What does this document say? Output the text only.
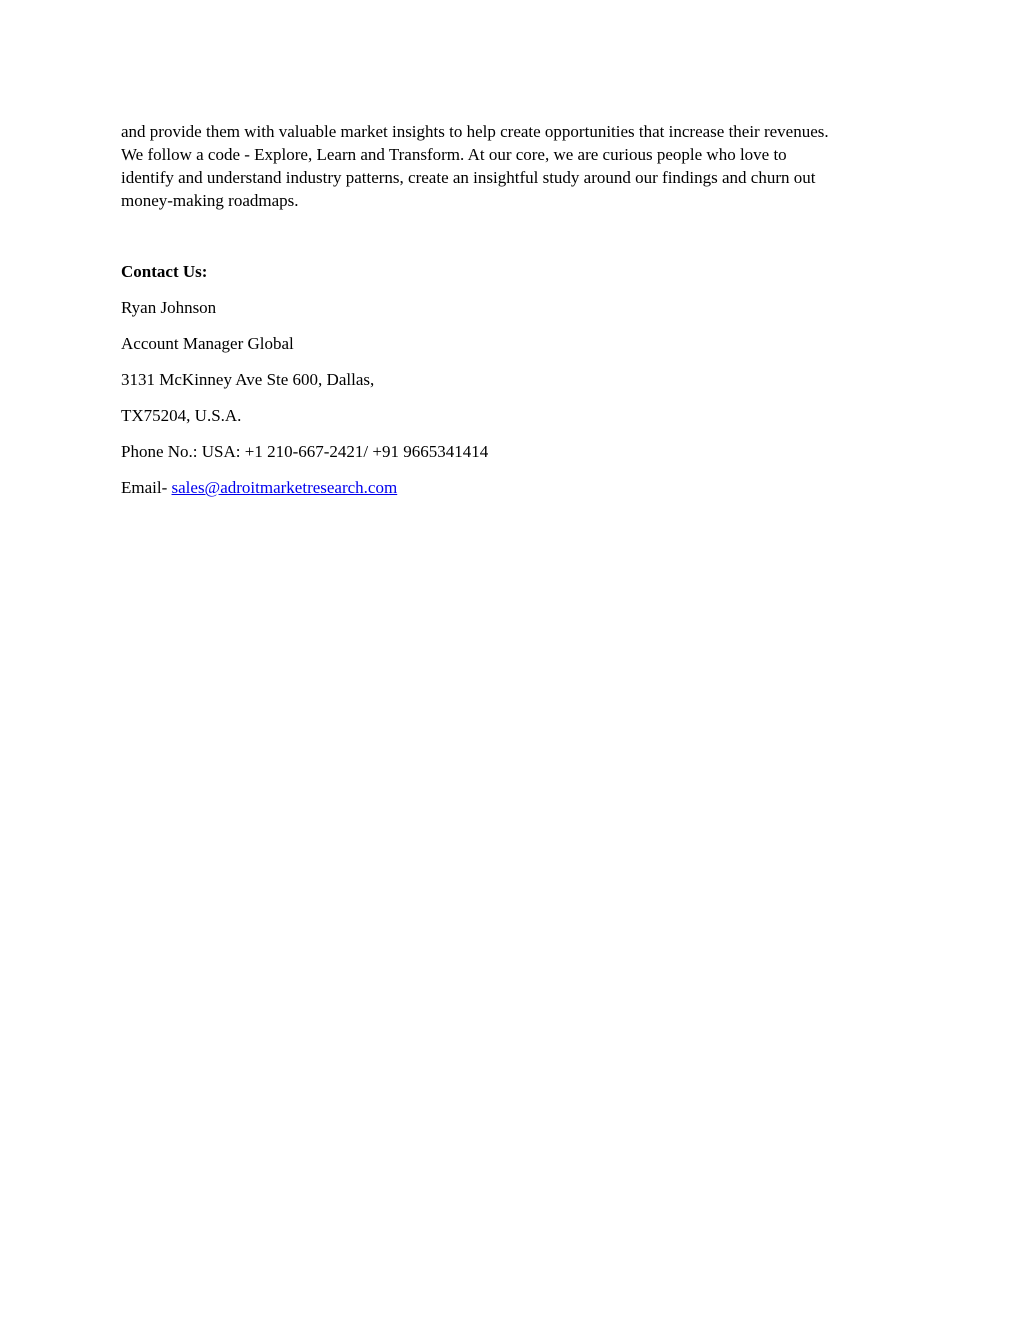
and provide them with valuable market insights to help create opportunities that increase their revenues.
We follow a code - Explore, Learn and Transform. At our core, we are curious people who love to
identify and understand industry patterns, create an insightful study around our findings and churn out
money-making roadmaps.

Contact Us:
Ryan Johnson
Account Manager Global
3131 McKinney Ave Ste 600, Dallas,
TX75204, U.S.A.
Phone No.: USA: +1 210-667-2421/ +91 9665341414
Email- sales@adroitmarketresearch.com
